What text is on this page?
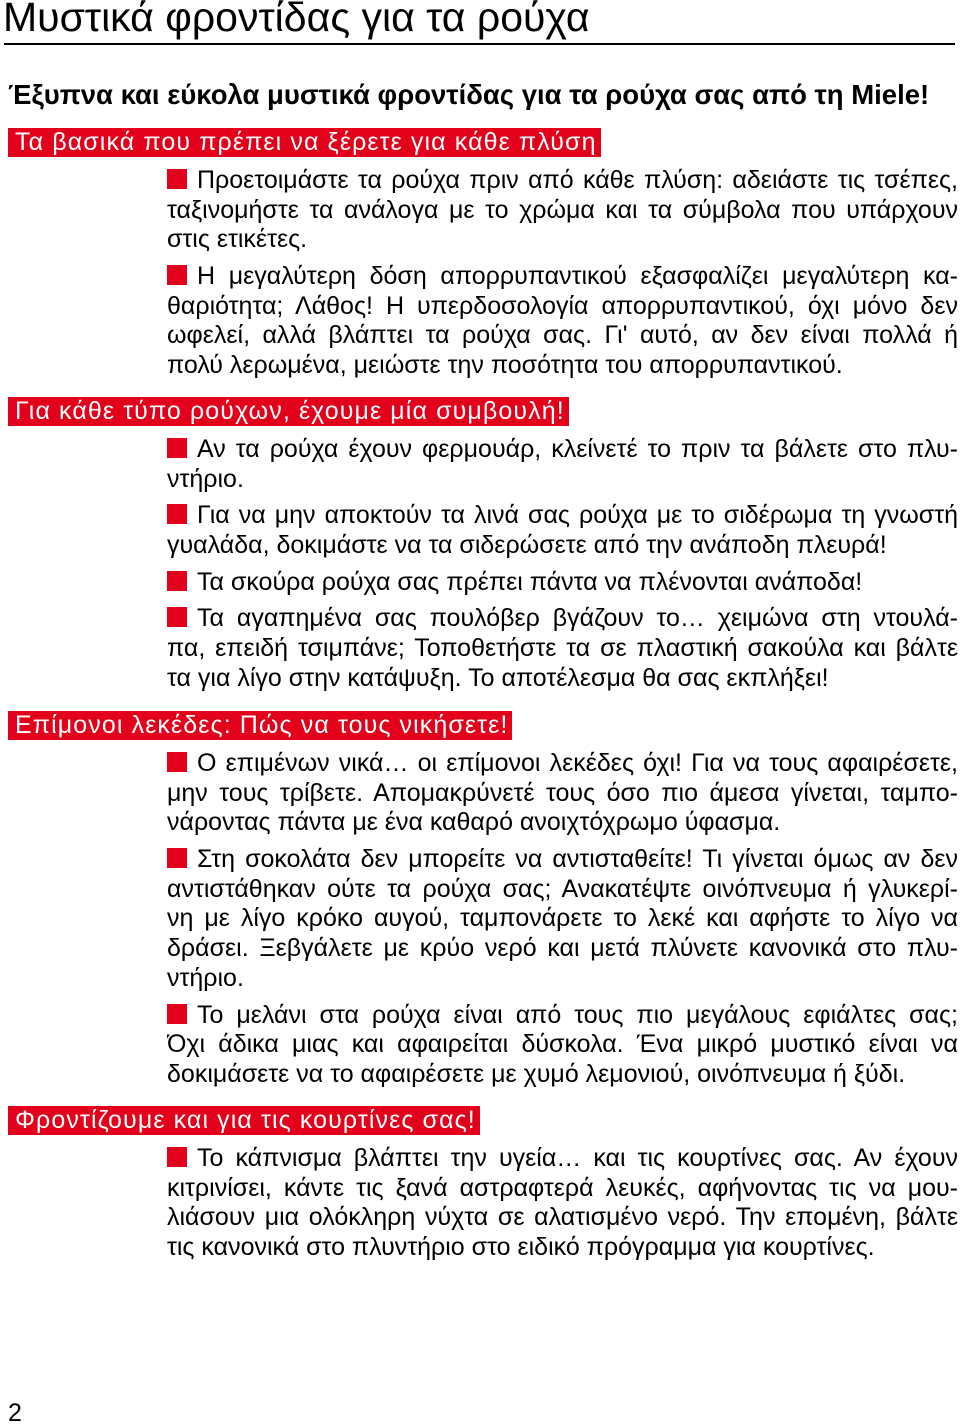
Μυστικά φροντίδας για τα ρούχα
Έξυπνα και εύκολα μυστικά φροντίδας για τα ρούχα σας από τη Miele!
Τα βασικά που πρέπει να ξέρετε για κάθε πλύση
Προετοιμάστε τα ρούχα πριν από κάθε πλύση: αδειάστε τις τσέπες,
ταξινομήστε τα ανάλογα με το χρώμα και τα σύμβολα που υπάρχουν
στις ετικέτες.
Η μεγαλύτερη δόση απορρυπαντικού εξασφαλίζει μεγαλύτερη κα-
θαριότητα; Λάθος! Η υπερδοσολογία απορρυπαντικού, όχι μόνο δεν
ωφελεί, αλλά βλάπτει τα ρούχα σας. Γι' αυτό, αν δεν είναι πολλά ή
πολύ λερωμένα, μειώστε την ποσότητα του απορρυπαντικού.
Για κάθε τύπο ρούχων, έχουμε μία συμβουλή!
Αν τα ρούχα έχουν φερμουάρ, κλείνετέ το πριν τα βάλετε στο πλυ-
ντήριο.
Για να μην αποκτούν τα λινά σας ρούχα με το σιδέρωμα τη γνωστή
γυαλάδα, δοκιμάστε να τα σιδερώσετε από την ανάποδη πλευρά!
Τα σκούρα ρούχα σας πρέπει πάντα να πλένονται ανάποδα!
Τα αγαπημένα σας πουλόβερ βγάζουν το… χειμώνα στη ντουλά-
πα, επειδή τσιμπάνε; Τοποθετήστε τα σε πλαστική σακούλα και βάλτε
τα για λίγο στην κατάψυξη. Το αποτέλεσμα θα σας εκπλήξει!
Επίμονοι λεκέδες: Πώς να τους νικήσετε!
Ο επιμένων νικά… οι επίμονοι λεκέδες όχι! Για να τους αφαιρέσετε,
μην τους τρίβετε. Απομακρύνετέ τους όσο πιο άμεσα γίνεται, ταμπο-
νάροντας πάντα με ένα καθαρό ανοιχτόχρωμο ύφασμα.
Στη σοκολάτα δεν μπορείτε να αντισταθείτε! Τι γίνεται όμως αν δεν
αντιστάθηκαν ούτε τα ρούχα σας; Ανακατέψτε οινόπνευμα ή γλυκερί-
νη με λίγο κρόκο αυγού, ταμπονάρετε το λεκέ και αφήστε το λίγο να
δράσει. Ξεβγάλετε με κρύο νερό και μετά πλύνετε κανονικά στο πλυ-
ντήριο.
Το μελάνι στα ρούχα είναι από τους πιο μεγάλους εφιάλτες σας;
Όχι άδικα μιας και αφαιρείται δύσκολα. Ένα μικρό μυστικό είναι να
δοκιμάσετε να το αφαιρέσετε με χυμό λεμονιού, οινόπνευμα ή ξύδι.
Φροντίζουμε και για τις κουρτίνες σας!
Το κάπνισμα βλάπτει την υγεία… και τις κουρτίνες σας. Αν έχουν
κιτρινίσει, κάντε τις ξανά αστραφτερά λευκές, αφήνοντας τις να μου-
λιάσουν μια ολόκληρη νύχτα σε αλατισμένο νερό. Την επομένη, βάλτε
τις κανονικά στο πλυντήριο στο ειδικό πρόγραμμα για κουρτίνες.
2
